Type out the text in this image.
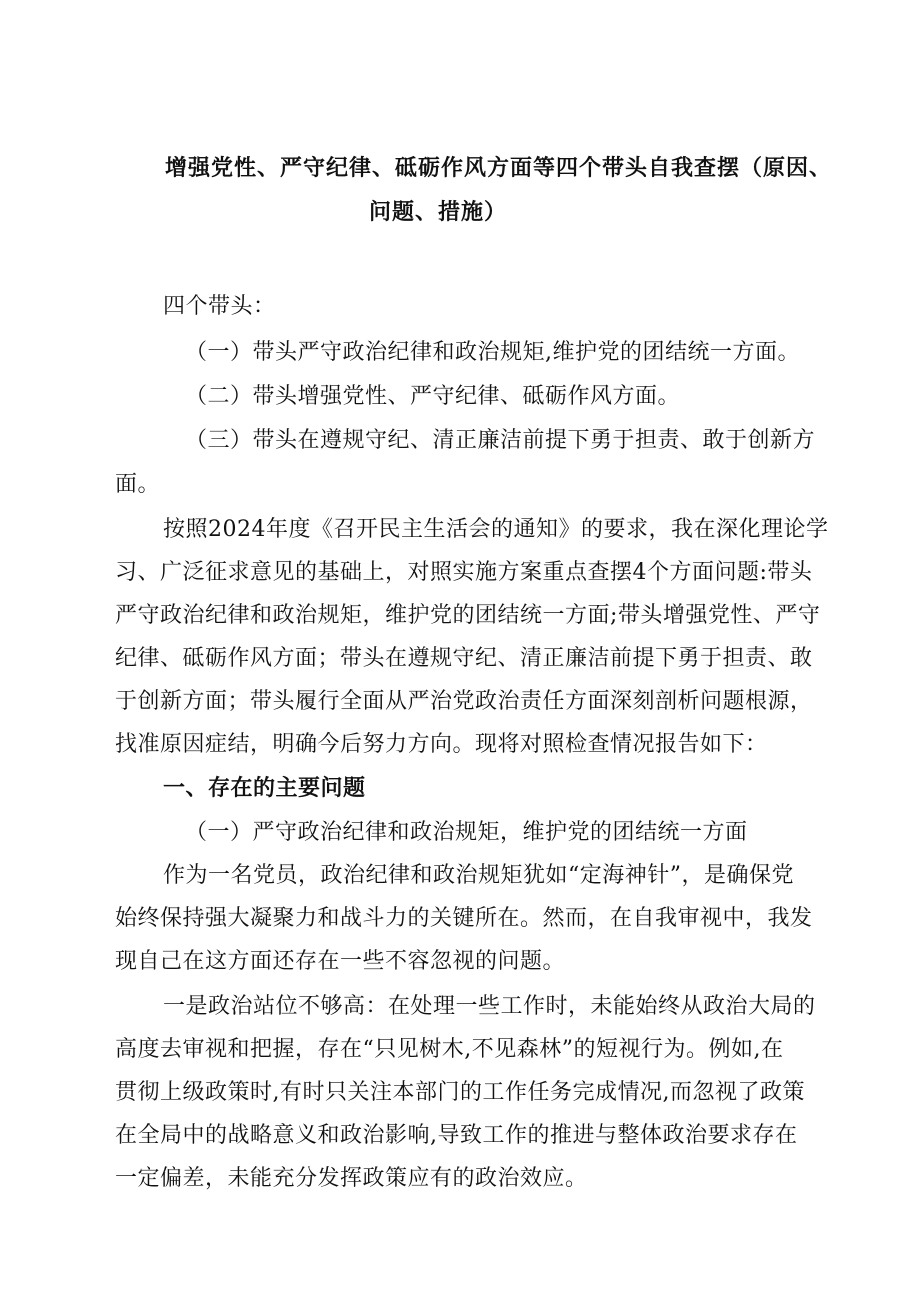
增强党性、严守纪律、砥砺作风方面等四个带头自我查摆（原因、
问题、措施）
四个带头：
（一）带头严守政治纪律和政治规矩,维护党的团结统一方面。
（二）带头增强党性、严守纪律、砥砺作风方面。
（三）带头在遵规守纪、清正廉洁前提下勇于担责、敢于创新方
面。
按照2024年度《召开民主生活会的通知》的要求，我在深化理论学
习、广泛征求意见的基础上，对照实施方案重点查摆4个方面问题:带头
严守政治纪律和政治规矩，维护党的团结统一方面;带头增强党性、严守
纪律、砥砺作风方面；带头在遵规守纪、清正廉洁前提下勇于担责、敢
于创新方面；带头履行全面从严治党政治责任方面深刻剖析问题根源，
找准原因症结，明确今后努力方向。现将对照检查情况报告如下：
一、存在的主要问题
（一）严守政治纪律和政治规矩，维护党的团结统一方面
作为一名党员，政治纪律和政治规矩犹如“定海神针”，是确保党
始终保持强大凝聚力和战斗力的关键所在。然而，在自我审视中，我发
现自己在这方面还存在一些不容忽视的问题。
一是政治站位不够高：在处理一些工作时，未能始终从政治大局的
高度去审视和把握，存在“只见树木,不见森林”的短视行为。例如,在
贯彻上级政策时,有时只关注本部门的工作任务完成情况,而忽视了政策
在全局中的战略意义和政治影响,导致工作的推进与整体政治要求存在
一定偏差，未能充分发挥政策应有的政治效应。
